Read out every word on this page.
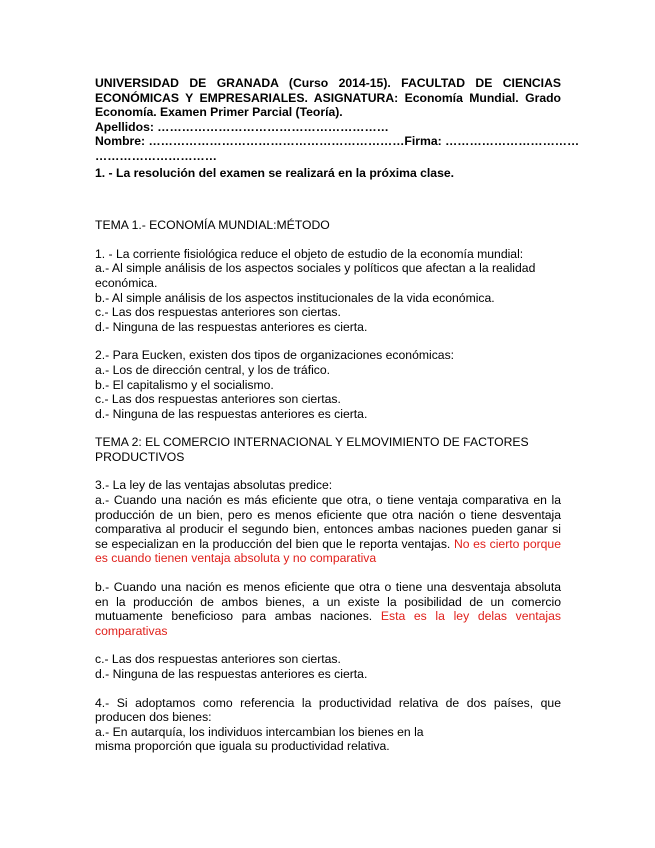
UNIVERSIDAD DE GRANADA (Curso 2014-15). FACULTAD DE CIENCIAS ECONÓMICAS Y EMPRESARIALES. ASIGNATURA: Economía Mundial. Grado Economía. Examen Primer Parcial (Teoría).

Apellidos: …………………………………………………

Nombre: ………………………………………………………Firma: ……………………………

…………………………

1. - La resolución del examen se realizará en la próxima clase.

TEMA 1.- ECONOMÍA MUNDIAL:MÉTODO

1. - La corriente fisiológica reduce el objeto de estudio de la economía mundial:

a.- Al simple análisis de los aspectos sociales y políticos que afectan a la realidad económica.

b.- Al simple análisis de los aspectos institucionales de la vida económica.

c.- Las dos respuestas anteriores son ciertas.

d.- Ninguna de las respuestas anteriores es cierta.

2.- Para Eucken, existen dos tipos de organizaciones económicas:

a.- Los de dirección central, y los de tráfico.

b.- El capitalismo y el socialismo.

c.- Las dos respuestas anteriores son ciertas.

d.- Ninguna de las respuestas anteriores es cierta.

TEMA 2: EL COMERCIO INTERNACIONAL Y ELMOVIMIENTO DE FACTORES PRODUCTIVOS

3.- La ley de las ventajas absolutas predice:

a.- Cuando una nación es más eficiente que otra, o tiene ventaja comparativa en la producción de un bien, pero es menos eficiente que otra nación o tiene desventaja comparativa al producir el segundo bien, entonces ambas naciones pueden ganar si se especializan en la producción del bien que le reporta ventajas. No es cierto porque es cuando tienen ventaja absoluta y no comparativa

b.- Cuando una nación es menos eficiente que otra o tiene una desventaja absoluta en la producción de ambos bienes, a un existe la posibilidad de un comercio mutuamente beneficioso para ambas naciones. Esta es la ley delas ventajas comparativas

c.- Las dos respuestas anteriores son ciertas.

d.- Ninguna de las respuestas anteriores es cierta.

4.- Si adoptamos como referencia la productividad relativa de dos países, que producen dos bienes:

a.- En autarquía, los individuos intercambian los bienes en la

misma proporción que iguala su productividad relativa.
